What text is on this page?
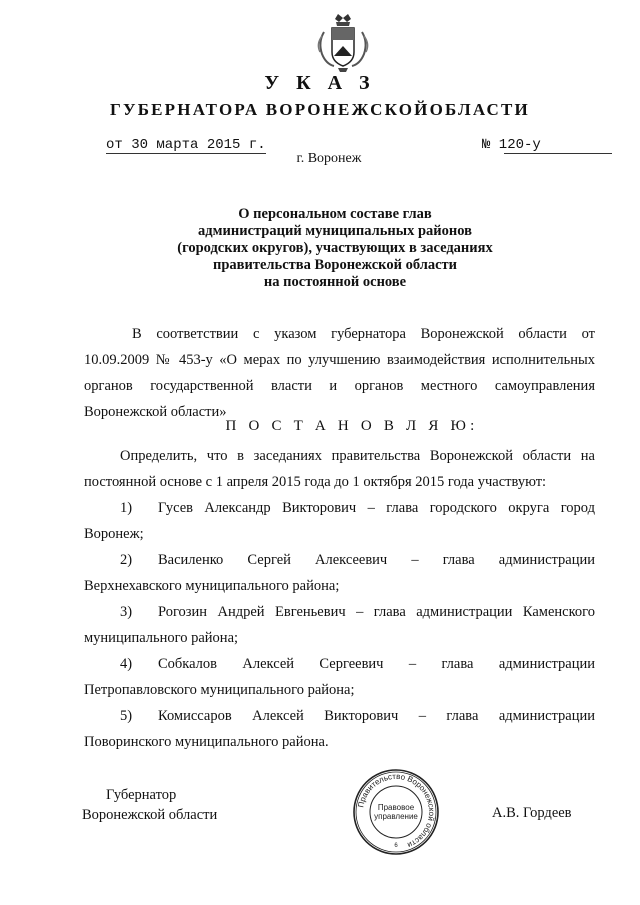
У К А З
ГУБЕРНАТОРА ВОРОНЕЖСКОЙОБЛАСТИ
от 30 марта 2015 г.	№ 120-у
г. Воронеж
О персональном составе глав
администраций муниципальных районов
(городских округов), участвующих в заседаниях
правительства Воронежской области
на постоянной основе
В соответствии с указом губернатора Воронежской области от
10.09.2009 № 453-у «О мерах по улучшению взаимодействия исполнительных
органов государственной власти и органов местного самоуправления
Воронежской области»
П О С Т А Н О В Л Я Ю:
Определить, что в заседаниях правительства Воронежской области на
постоянной основе с 1 апреля 2015 года до 1 октября 2015 года участвуют:
1) Гусев Александр Викторович – глава городского округа город
Воронеж;
2) Василенко Сергей Алексеевич – глава администрации
Верхнехавского муниципального района;
3) Рогозин Андрей Евгеньевич – глава администрации Каменского
муниципального района;
4) Собкалов Алексей Сергеевич – глава администрации
Петропавловского муниципального района;
5) Комиссаров Алексей Викторович – глава администрации
Поворинского муниципального района.
Губернатор
Воронежской области
Правительство Воронежской области
Правовое
управление
6
А.В. Гордеев
